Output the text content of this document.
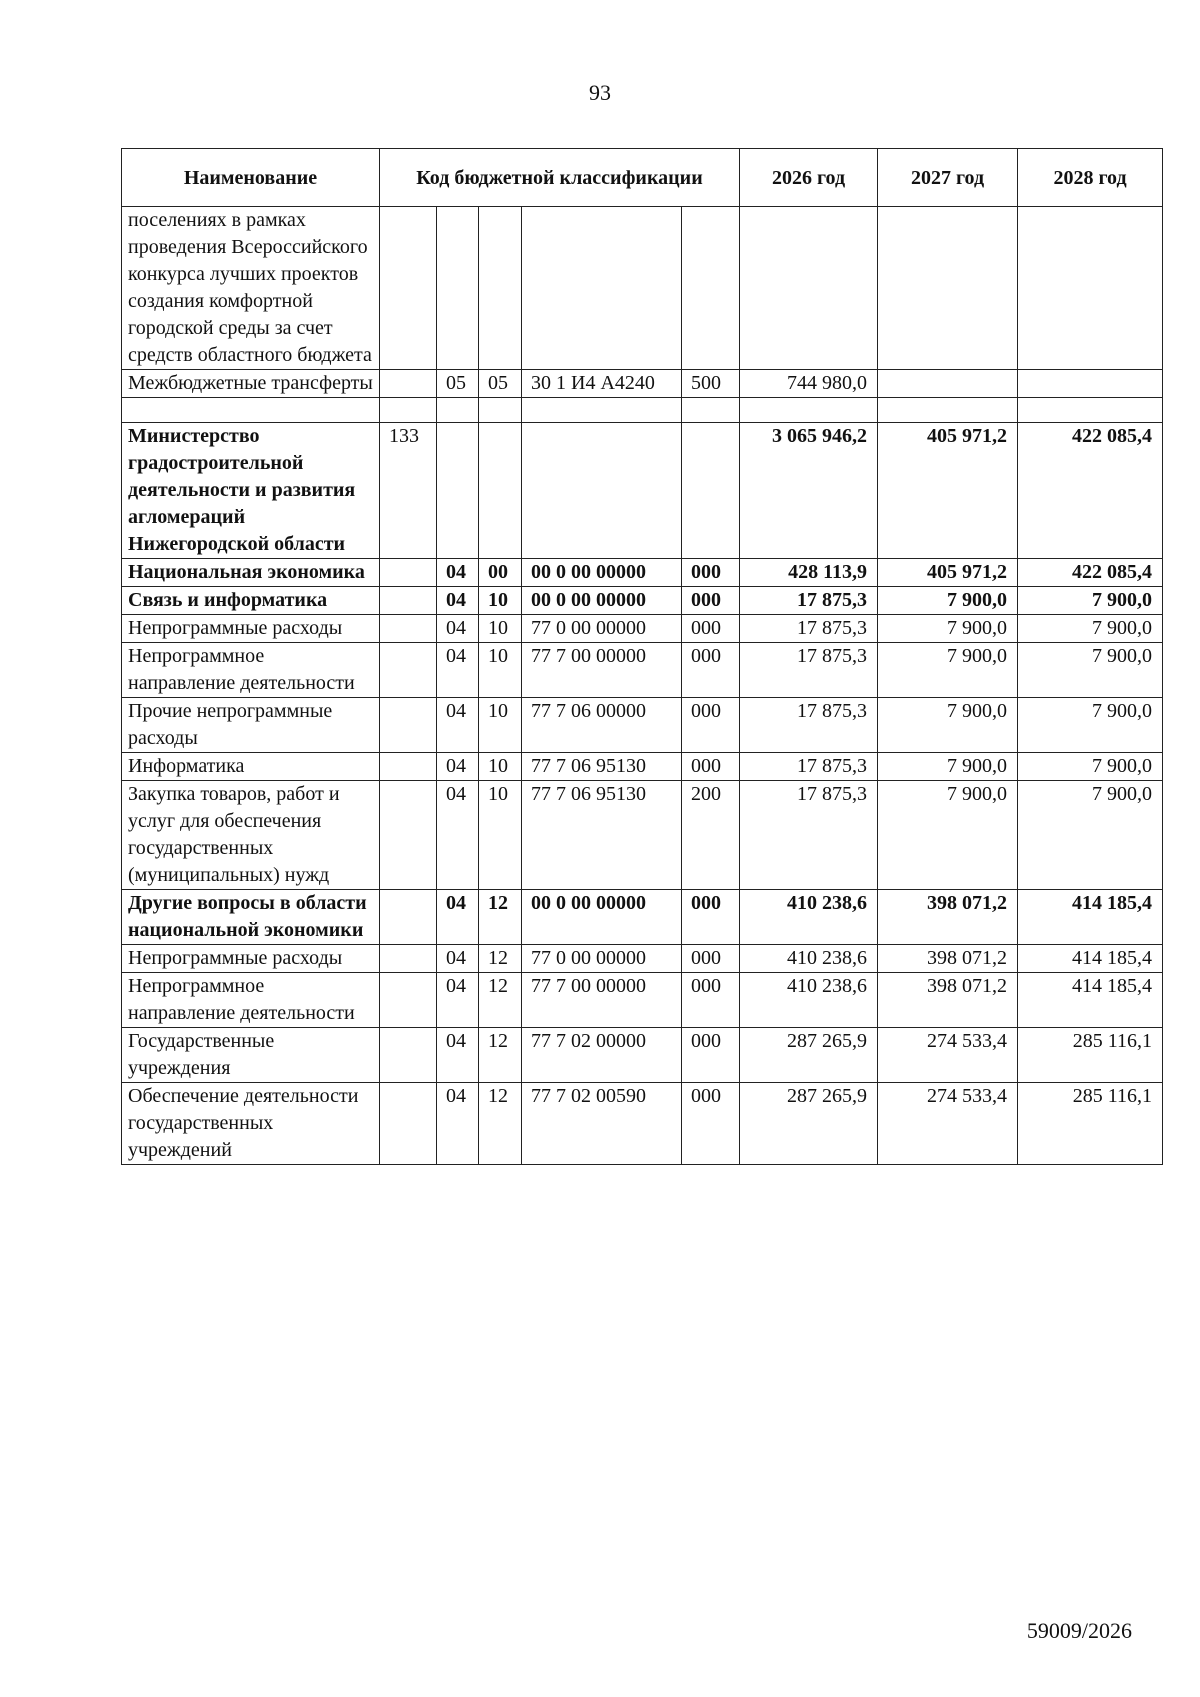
93
Наименование	Код бюджетной классификации					2026 год	2027 год	2028 год
поселениях в рамках проведения Всероссийского конкурса лучших проектов создания комфортной городской среды за счет средств областного бюджета								
Межбюджетные трансферты		05	05	30 1 И4 А4240	500	744 980,0		

Министерство градостроительной деятельности и развития агломераций Нижегородской области	133					3 065 946,2	405 971,2	422 085,4
Национальная экономика		04	00	00 0 00 00000	000	428 113,9	405 971,2	422 085,4
Связь и информатика		04	10	00 0 00 00000	000	17 875,3	7 900,0	7 900,0
Непрограммные расходы		04	10	77 0 00 00000	000	17 875,3	7 900,0	7 900,0
Непрограммное направление деятельности		04	10	77 7 00 00000	000	17 875,3	7 900,0	7 900,0
Прочие непрограммные расходы		04	10	77 7 06 00000	000	17 875,3	7 900,0	7 900,0
Информатика		04	10	77 7 06 95130	000	17 875,3	7 900,0	7 900,0
Закупка товаров, работ и услуг для обеспечения государственных (муниципальных) нужд		04	10	77 7 06 95130	200	17 875,3	7 900,0	7 900,0
Другие вопросы в области национальной экономики		04	12	00 0 00 00000	000	410 238,6	398 071,2	414 185,4
Непрограммные расходы		04	12	77 0 00 00000	000	410 238,6	398 071,2	414 185,4
Непрограммное направление деятельности		04	12	77 7 00 00000	000	410 238,6	398 071,2	414 185,4
Государственные учреждения		04	12	77 7 02 00000	000	287 265,9	274 533,4	285 116,1
Обеспечение деятельности государственных учреждений		04	12	77 7 02 00590	000	287 265,9	274 533,4	285 116,1
59009/2026
